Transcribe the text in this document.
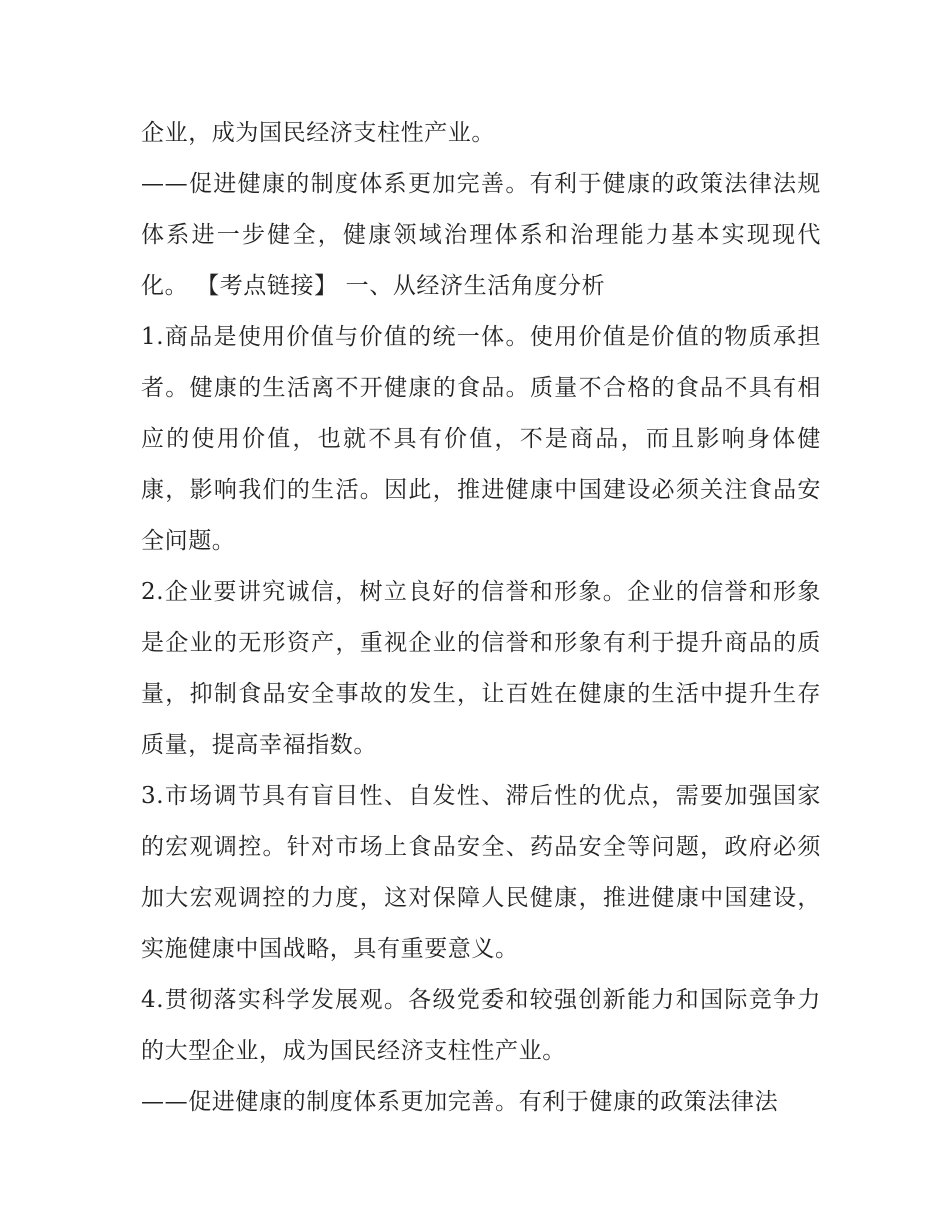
企业，成为国民经济支柱性产业。

——促进健康的制度体系更加完善。有利于健康的政策法律法规体系进一步健全，健康领域治理体系和治理能力基本实现现代化。 【考点链接】 一、从经济生活角度分析

1.商品是使用价值与价值的统一体。使用价值是价值的物质承担者。健康的生活离不开健康的食品。质量不合格的食品不具有相应的使用价值，也就不具有价值，不是商品，而且影响身体健康，影响我们的生活。因此，推进健康中国建设必须关注食品安全问题。

2.企业要讲究诚信，树立良好的信誉和形象。企业的信誉和形象是企业的无形资产，重视企业的信誉和形象有利于提升商品的质量，抑制食品安全事故的发生，让百姓在健康的生活中提升生存质量，提高幸福指数。

3.市场调节具有盲目性、自发性、滞后性的优点，需要加强国家的宏观调控。针对市场上食品安全、药品安全等问题，政府必须加大宏观调控的力度，这对保障人民健康，推进健康中国建设，实施健康中国战略，具有重要意义。

4.贯彻落实科学发展观。各级党委和较强创新能力和国际竞争力的大型企业，成为国民经济支柱性产业。

——促进健康的制度体系更加完善。有利于健康的政策法律法
